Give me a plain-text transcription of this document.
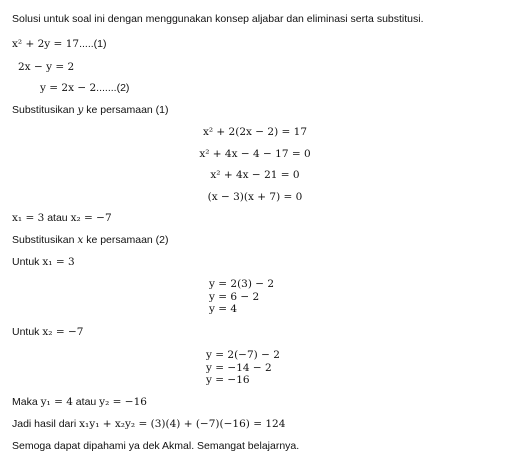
Solusi untuk soal ini dengan menggunakan konsep aljabar dan eliminasi serta substitusi.
x² + 2y = 17.....(1)
2x − y = 2
y = 2x − 2.......(2)
Substitusikan y ke persamaan (1)
x² + 2(2x − 2) = 17
x² + 4x − 4 − 17 = 0
x² + 4x − 21 = 0
(x − 3)(x + 7) = 0
x₁ = 3 atau x₂ = −7
Substitusikan x ke persamaan (2)
Untuk x₁ = 3
y = 2(3) − 2
y = 6 − 2
y = 4
Untuk x₂ = −7
y = 2(−7) − 2
y = −14 − 2
y = −16
Maka y₁ = 4 atau y₂ = −16
Jadi hasil dari x₁y₁ + x₂y₂ = (3)(4) + (−7)(−16) = 124
Semoga dapat dipahami ya dek Akmal. Semangat belajarnya.
